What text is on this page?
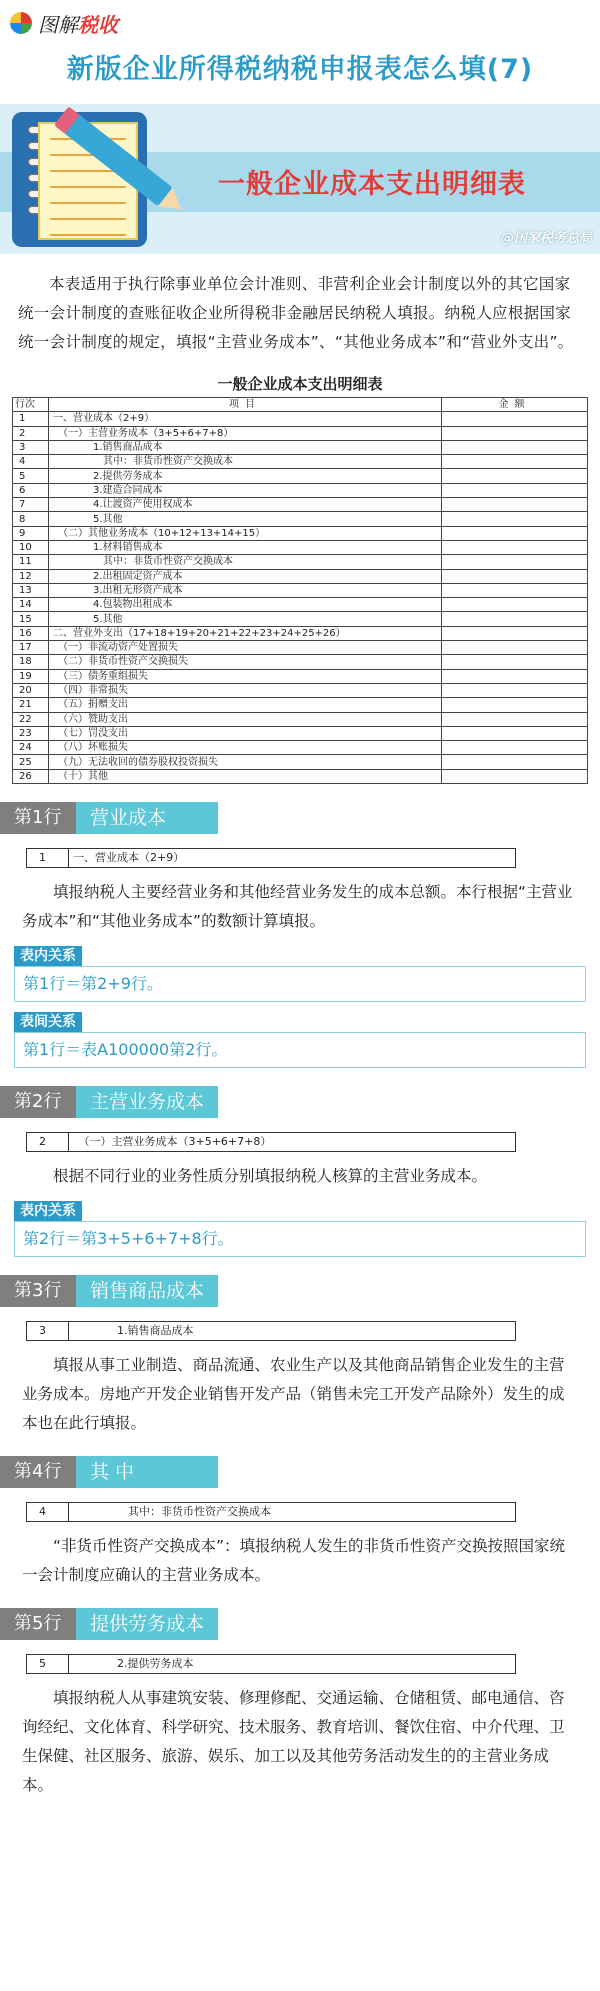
图解税收
新版企业所得税纳税申报表怎么填(7)
一般企业成本支出明细表
@国家税务总局

本表适用于执行除事业单位会计准则、非营利企业会计制度以外的其它国家统一会计制度的查账征收企业所得税非金融居民纳税人填报。纳税人应根据国家统一会计制度的规定，填报“主营业务成本”、“其他业务成本”和“营业外支出”。

一般企业成本支出明细表
行次	项目	金额
1	一、营业成本（2+9）	
2	　（一）主营业务成本（3+5+6+7+8）	
3	　　　　1.销售商品成本	
4	　　　　　其中：非货币性资产交换成本	
5	　　　　2.提供劳务成本	
6	　　　　3.建造合同成本	
7	　　　　4.让渡资产使用权成本	
8	　　　　5.其他	
9	　（二）其他业务成本（10+12+13+14+15）	
10	　　　　1.材料销售成本	
11	　　　　　其中：非货币性资产交换成本	
12	　　　　2.出租固定资产成本	
13	　　　　3.出租无形资产成本	
14	　　　　4.包装物出租成本	
15	　　　　5.其他	
16	二、营业外支出（17+18+19+20+21+22+23+24+25+26）	
17	　（一）非流动资产处置损失	
18	　（二）非货币性资产交换损失	
19	　（三）债务重组损失	
20	　（四）非常损失	
21	　（五）捐赠支出	
22	　（六）赞助支出	
23	　（七）罚没支出	
24	　（八）坏账损失	
25	　（九）无法收回的债券股权投资损失	
26	　（十）其他	
第1行	营业成本
1	一、营业成本（2+9）

填报纳税人主要经营业务和其他经营业务发生的成本总额。本行根据“主营业务成本”和“其他业务成本”的数额计算填报。

表内关系
第1行＝第2+9行。
表间关系
第1行＝表A100000第2行。
第2行	主营业务成本
2	　（一）主营业务成本（3+5+6+7+8）

根据不同行业的业务性质分别填报纳税人核算的主营业务成本。

表内关系
第2行＝第3+5+6+7+8行。
第3行	销售商品成本
3	　　　　1.销售商品成本

填报从事工业制造、商品流通、农业生产以及其他商品销售企业发生的主营业务成本。房地产开发企业销售开发产品（销售未完工开发产品除外）发生的成本也在此行填报。

第4行	其 中
4	　　　　　其中：非货币性资产交换成本

“非货币性资产交换成本”：填报纳税人发生的非货币性资产交换按照国家统一会计制度应确认的主营业务成本。

第5行	提供劳务成本
5	　　　　2.提供劳务成本

填报纳税人从事建筑安装、修理修配、交通运输、仓储租赁、邮电通信、咨询经纪、文化体育、科学研究、技术服务、教育培训、餐饮住宿、中介代理、卫生保健、社区服务、旅游、娱乐、加工以及其他劳务活动发生的的主营业务成本。
